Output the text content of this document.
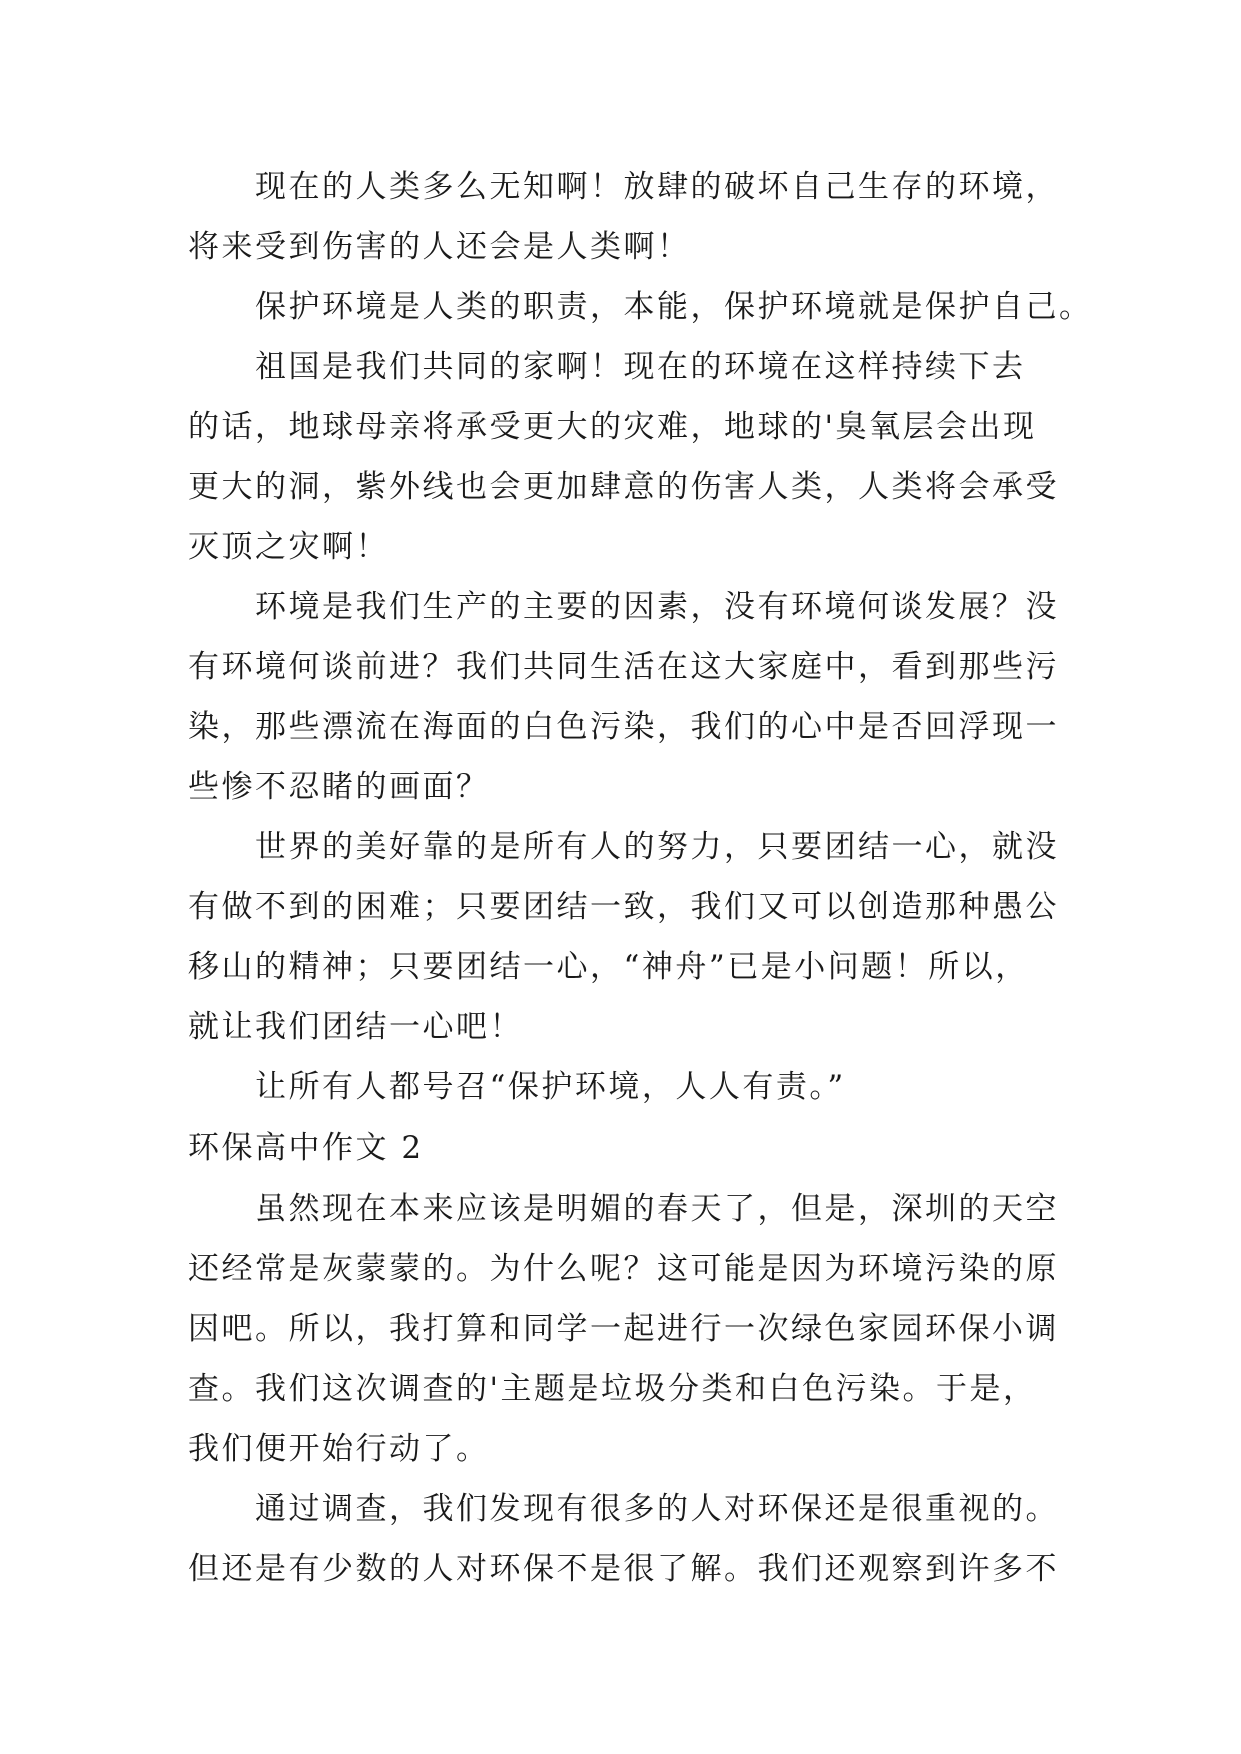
现在的人类多么无知啊！放肆的破坏自己生存的环境，
将来受到伤害的人还会是人类啊！
保护环境是人类的职责，本能，保护环境就是保护自己。
祖国是我们共同的家啊！现在的环境在这样持续下去
的话，地球母亲将承受更大的灾难，地球的'臭氧层会出现
更大的洞，紫外线也会更加肆意的伤害人类，人类将会承受
灭顶之灾啊！
环境是我们生产的主要的因素，没有环境何谈发展？没
有环境何谈前进？我们共同生活在这大家庭中，看到那些污
染，那些漂流在海面的白色污染，我们的心中是否回浮现一
些惨不忍睹的画面？
世界的美好靠的是所有人的努力，只要团结一心，就没
有做不到的困难；只要团结一致，我们又可以创造那种愚公
移山的精神；只要团结一心，“神舟”已是小问题！所以，
就让我们团结一心吧！
让所有人都号召“保护环境，人人有责。”
环保高中作文 2
虽然现在本来应该是明媚的春天了，但是，深圳的天空
还经常是灰蒙蒙的。为什么呢？这可能是因为环境污染的原
因吧。所以，我打算和同学一起进行一次绿色家园环保小调
查。我们这次调查的'主题是垃圾分类和白色污染。于是，
我们便开始行动了。
通过调查，我们发现有很多的人对环保还是很重视的。
但还是有少数的人对环保不是很了解。我们还观察到许多不
